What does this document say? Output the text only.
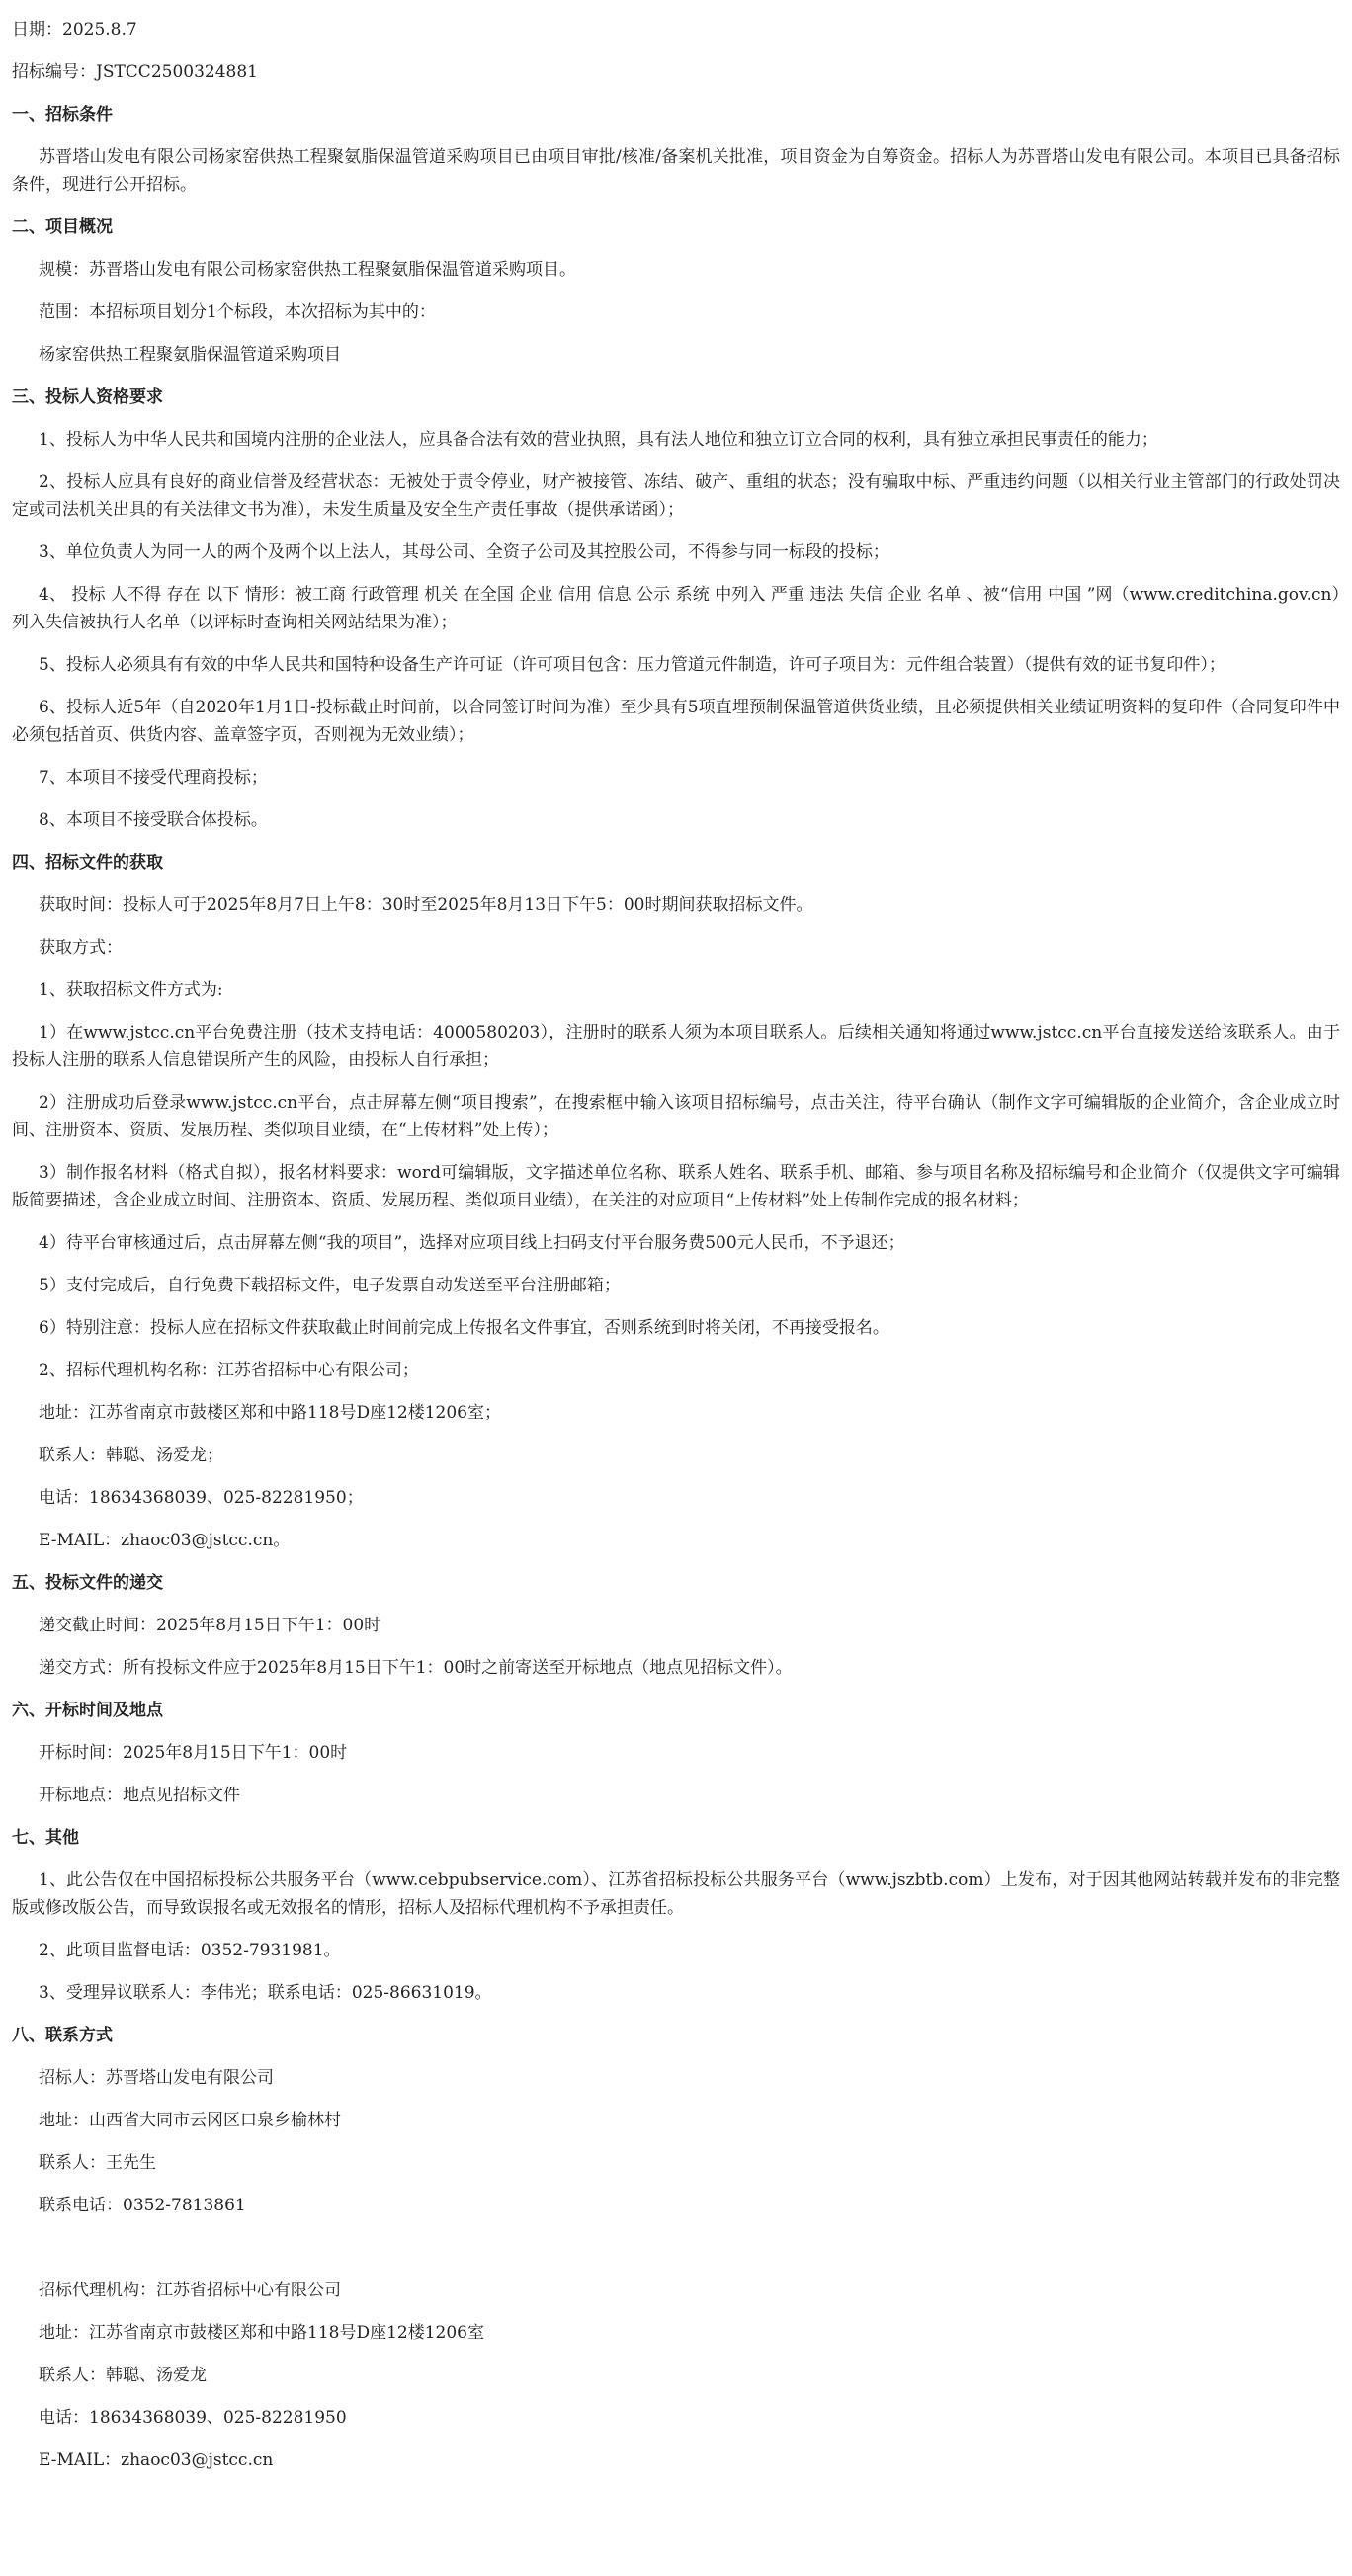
日期：2025.8.7
招标编号：JSTCC2500324881
一、招标条件
苏晋塔山发电有限公司杨家窑供热工程聚氨脂保温管道采购项目已由项目审批/核准/备案机关批准，项目资金为自筹资金。招标人为苏晋塔山发电有限公司。本项目已具备招标条件，现进行公开招标。
二、项目概况
规模：苏晋塔山发电有限公司杨家窑供热工程聚氨脂保温管道采购项目。
范围：本招标项目划分1个标段，本次招标为其中的：
杨家窑供热工程聚氨脂保温管道采购项目
三、投标人资格要求
1、投标人为中华人民共和国境内注册的企业法人，应具备合法有效的营业执照，具有法人地位和独立订立合同的权利，具有独立承担民事责任的能力；
2、投标人应具有良好的商业信誉及经营状态：无被处于责令停业，财产被接管、冻结、破产、重组的状态；没有骗取中标、严重违约问题（以相关行业主管部门的行政处罚决定或司法机关出具的有关法律文书为准），未发生质量及安全生产责任事故（提供承诺函）；
3、单位负责人为同一人的两个及两个以上法人，其母公司、全资子公司及其控股公司，不得参与同一标段的投标；
4、 投标 人不得 存在 以下 情形：被工商 行政管理 机关 在全国 企业 信用 信息 公示 系统 中列入 严重 违法 失信 企业 名单 、被“信用 中国 ”网（www.creditchina.gov.cn）列入失信被执行人名单（以评标时查询相关网站结果为准）；
5、投标人必须具有有效的中华人民共和国特种设备生产许可证（许可项目包含：压力管道元件制造，许可子项目为：元件组合装置）（提供有效的证书复印件）；
6、投标人近5年（自2020年1月1日-投标截止时间前，以合同签订时间为准）至少具有5项直埋预制保温管道供货业绩，且必须提供相关业绩证明资料的复印件（合同复印件中必须包括首页、供货内容、盖章签字页，否则视为无效业绩）；
7、本项目不接受代理商投标；
8、本项目不接受联合体投标。
四、招标文件的获取
获取时间：投标人可于2025年8月7日上午8：30时至2025年8月13日下午5：00时期间获取招标文件。
获取方式：
1、获取招标文件方式为:
1）在www.jstcc.cn平台免费注册（技术支持电话：4000580203），注册时的联系人须为本项目联系人。后续相关通知将通过www.jstcc.cn平台直接发送给该联系人。由于投标人注册的联系人信息错误所产生的风险，由投标人自行承担；
2）注册成功后登录www.jstcc.cn平台，点击屏幕左侧“项目搜索”，在搜索框中输入该项目招标编号，点击关注，待平台确认（制作文字可编辑版的企业简介，含企业成立时间、注册资本、资质、发展历程、类似项目业绩，在“上传材料”处上传）；
3）制作报名材料（格式自拟），报名材料要求：word可编辑版，文字描述单位名称、联系人姓名、联系手机、邮箱、参与项目名称及招标编号和企业简介（仅提供文字可编辑版简要描述，含企业成立时间、注册资本、资质、发展历程、类似项目业绩），在关注的对应项目“上传材料”处上传制作完成的报名材料；
4）待平台审核通过后，点击屏幕左侧“我的项目”，选择对应项目线上扫码支付平台服务费500元人民币，不予退还；
5）支付完成后，自行免费下载招标文件，电子发票自动发送至平台注册邮箱；
6）特别注意：投标人应在招标文件获取截止时间前完成上传报名文件事宜，否则系统到时将关闭，不再接受报名。
2、招标代理机构名称：江苏省招标中心有限公司；
地址：江苏省南京市鼓楼区郑和中路118号D座12楼1206室；
联系人：韩聪、汤爱龙；
电话：18634368039、025-82281950；
E-MAIL：zhaoc03@jstcc.cn。
五、投标文件的递交
递交截止时间：2025年8月15日下午1：00时
递交方式：所有投标文件应于2025年8月15日下午1：00时之前寄送至开标地点（地点见招标文件）。
六、开标时间及地点
开标时间：2025年8月15日下午1：00时
开标地点：地点见招标文件
七、其他
1、此公告仅在中国招标投标公共服务平台（www.cebpubservice.com）、江苏省招标投标公共服务平台（www.jszbtb.com）上发布，对于因其他网站转载并发布的非完整版或修改版公告，而导致误报名或无效报名的情形，招标人及招标代理机构不予承担责任。
2、此项目监督电话：0352-7931981。
3、受理异议联系人：李伟光；联系电话：025-86631019。
八、联系方式
招标人：苏晋塔山发电有限公司
地址：山西省大同市云冈区口泉乡榆林村
联系人：王先生
联系电话：0352-7813861
招标代理机构：江苏省招标中心有限公司
地址：江苏省南京市鼓楼区郑和中路118号D座12楼1206室
联系人：韩聪、汤爱龙
电话：18634368039、025-82281950
E-MAIL：zhaoc03@jstcc.cn
